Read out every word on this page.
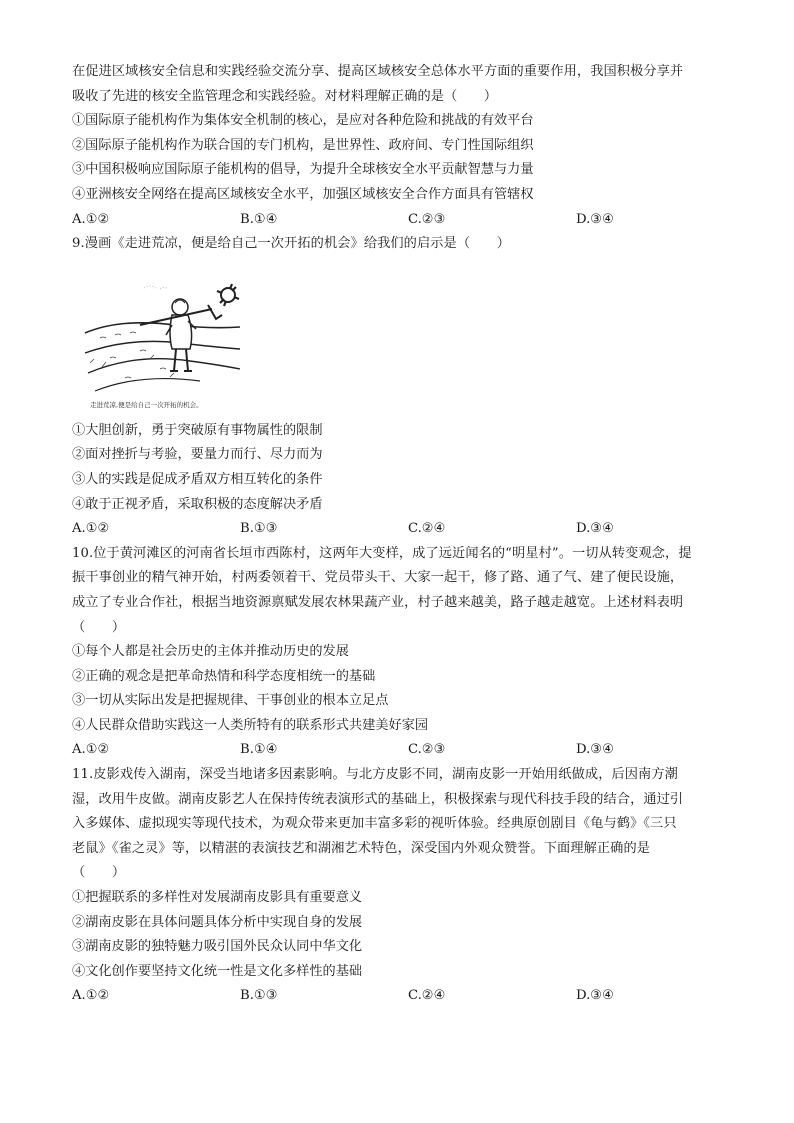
在促进区域核安全信息和实践经验交流分享、提高区域核安全总体水平方面的重要作用，我国积极分享并
吸收了先进的核安全监管理念和实践经验。对材料理解正确的是（　　）
①国际原子能机构作为集体安全机制的核心，是应对各种危险和挑战的有效平台
②国际原子能机构作为联合国的专门机构，是世界性、政府间、专门性国际组织
③中国积极响应国际原子能机构的倡导，为提升全球核安全水平贡献智慧与力量
④亚洲核安全网络在提高区域核安全水平，加强区域核安全合作方面具有管辖权
A.①②	B.①④	C.②③	D.③④
9.漫画《走进荒凉，便是给自己一次开拓的机会》给我们的启示是（　　）
走进荒凉,便是给自己一次开拓的机会。
①大胆创新，勇于突破原有事物属性的限制
②面对挫折与考验，要量力而行、尽力而为
③人的实践是促成矛盾双方相互转化的条件
④敢于正视矛盾，采取积极的态度解决矛盾
A.①②	B.①③	C.②④	D.③④
10.位于黄河滩区的河南省长垣市西陈村，这两年大变样，成了远近闻名的“明星村”。一切从转变观念，提
振干事创业的精气神开始，村两委领着干、党员带头干、大家一起干，修了路、通了气、建了便民设施，
成立了专业合作社，根据当地资源禀赋发展农林果蔬产业，村子越来越美，路子越走越宽。上述材料表明
（　　）
①每个人都是社会历史的主体并推动历史的发展
②正确的观念是把革命热情和科学态度相统一的基础
③一切从实际出发是把握规律、干事创业的根本立足点
④人民群众借助实践这一人类所特有的联系形式共建美好家园
A.①②	B.①④	C.②③	D.③④
11.皮影戏传入湖南，深受当地诸多因素影响。与北方皮影不同，湖南皮影一开始用纸做成，后因南方潮
湿，改用牛皮做。湖南皮影艺人在保持传统表演形式的基础上，积极探索与现代科技手段的结合，通过引
入多媒体、虚拟现实等现代技术，为观众带来更加丰富多彩的视听体验。经典原创剧目《龟与鹤》《三只
老鼠》《雀之灵》等，以精湛的表演技艺和湖湘艺术特色，深受国内外观众赞誉。下面理解正确的是
（　　）
①把握联系的多样性对发展湖南皮影具有重要意义
②湖南皮影在具体问题具体分析中实现自身的发展
③湖南皮影的独特魅力吸引国外民众认同中华文化
④文化创作要坚持文化统一性是文化多样性的基础
A.①②	B.①③	C.②④	D.③④
